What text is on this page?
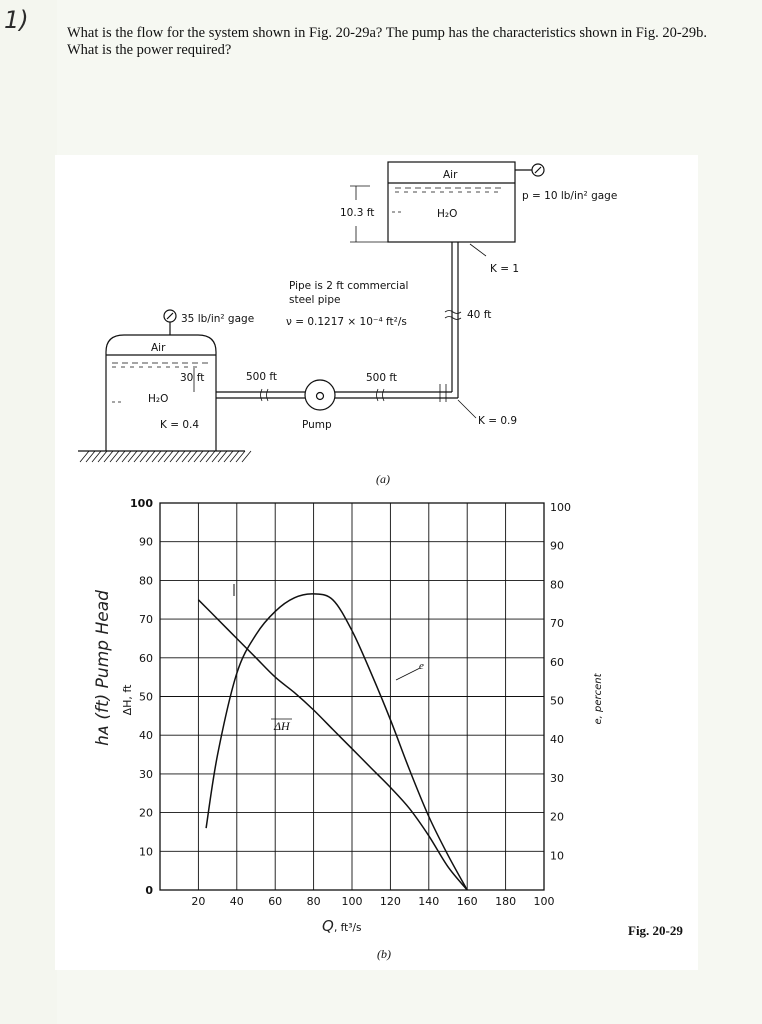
1)	What is the flow for the system shown in Fig. 20-29a? The pump has the characteristics shown in Fig. 20-29b.
What is the power required?
Air
H₂O
p = 10 lb/in² gage
10.3 ft
K = 1
40 ft
Pipe is 2 ft commercial
steel pipe
ν = 0.1217 × 10⁻⁴ ft²/s
35 lb/in² gage
Air
H₂O
30 ft
K = 0.4
500 ft	500 ft
Pump	K = 0.9
(a)
100
90
80
70
60
50
40
30
20
10
0
100
90
80
70
60
50
40
30
20
10
20 40 60 80 100 120 140 160 180 100
ΔH, ft
hᴀ (ft) Pump Head	e, percent
Q , ft³/s
(b)
Fig. 20-29
e
ΔH
